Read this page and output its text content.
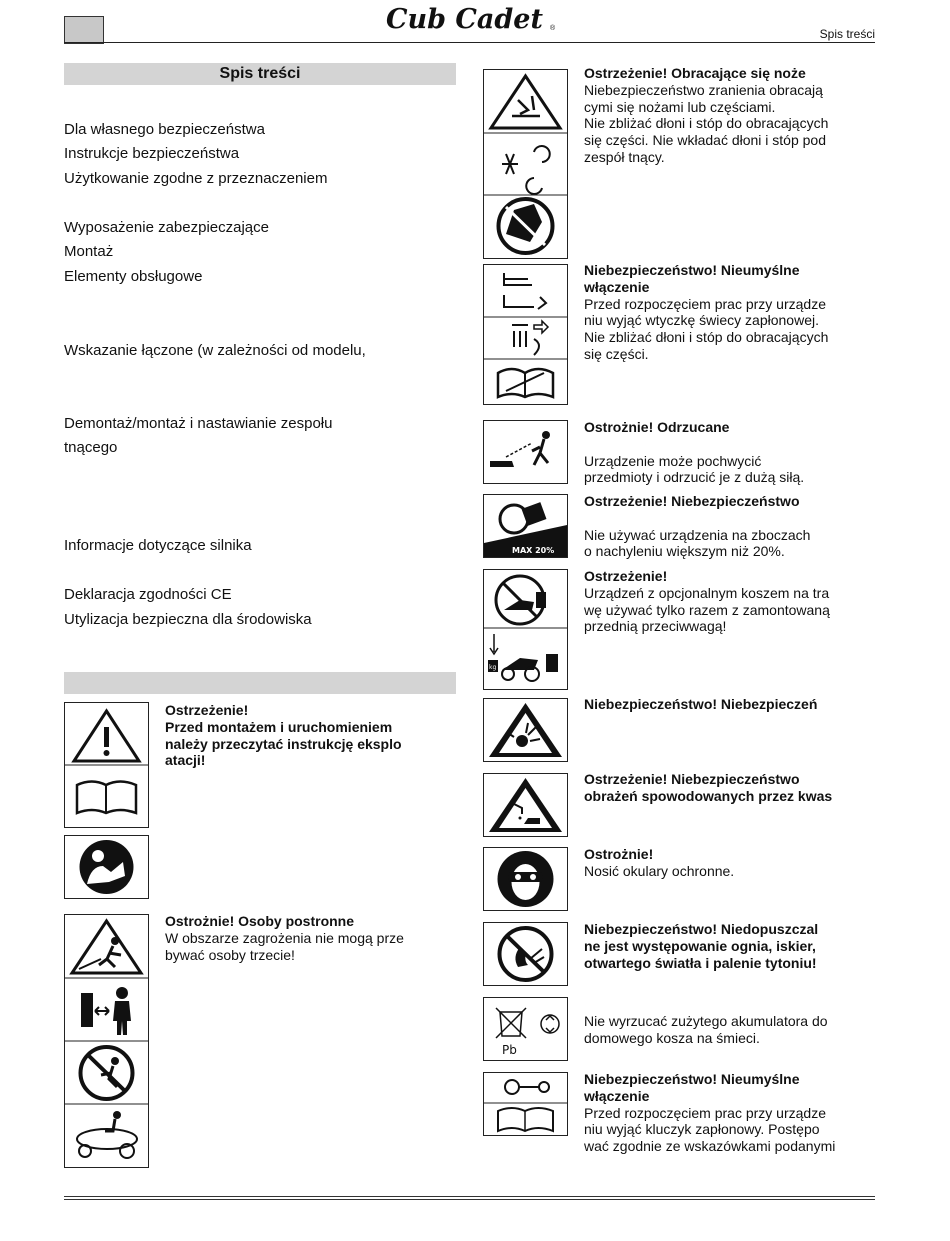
Cub Cadet ®	Spis treści
Spis treści
Dla własnego bezpieczeństwa
Instrukcje bezpieczeństwa
Użytkowanie zgodne z przeznaczeniem
Wyposażenie zabezpieczające
Montaż
Elementy obsługowe
Wskazanie łączone (w zależności od modelu,
Demontaż/montaż i nastawianie zespołu
tnącego
Informacje dotyczące silnika
Deklaracja zgodności CE
Utylizacja bezpieczna dla środowiska
Ostrzeżenie!
Przed montażem i uruchomieniem
należy przeczytać instrukcję eksplo
atacji!
Ostrożnie! Osoby postronne
W obszarze zagrożenia nie mogą prze
bywać osoby trzecie!
Ostrzeżenie! Obracające się noże
Niebezpieczeństwo zranienia obracają
cymi się nożami lub częściami.
Nie zbliżać dłoni i stóp do obracających
się części. Nie wkładać dłoni i stóp pod
zespół tnący.
Niebezpieczeństwo! Nieumyślne
włączenie
Przed rozpoczęciem prac przy urządze
niu wyjąć wtyczkę świecy zapłonowej.
Nie zbliżać dłoni i stóp do obracających
się części.
Ostrożnie! Odrzucane

Urządzenie może pochwycić
przedmioty i odrzucić je z dużą siłą.
MAX 20%
Ostrzeżenie! Niebezpieczeństwo

Nie używać urządzenia na zboczach
o nachyleniu większym niż 20%.
kg
Ostrzeżenie!
Urządzeń z opcjonalnym koszem na tra
wę używać tylko razem z zamontowaną
przednią przeciwwagą!
Niebezpieczeństwo! Niebezpieczeń
Ostrzeżenie! Niebezpieczeństwo
obrażeń spowodowanych przez kwas
Ostrożnie!
Nosić okulary ochronne.
Niebezpieczeństwo! Niedopuszczal
ne jest występowanie ognia, iskier,
otwartego światła i palenie tytoniu!
Pb

Nie wyrzucać zużytego akumulatora do
domowego kosza na śmieci.
Niebezpieczeństwo! Nieumyślne
włączenie
Przed rozpoczęciem prac przy urządze
niu wyjąć kluczyk zapłonowy. Postępo
wać zgodnie ze wskazówkami podanymi
